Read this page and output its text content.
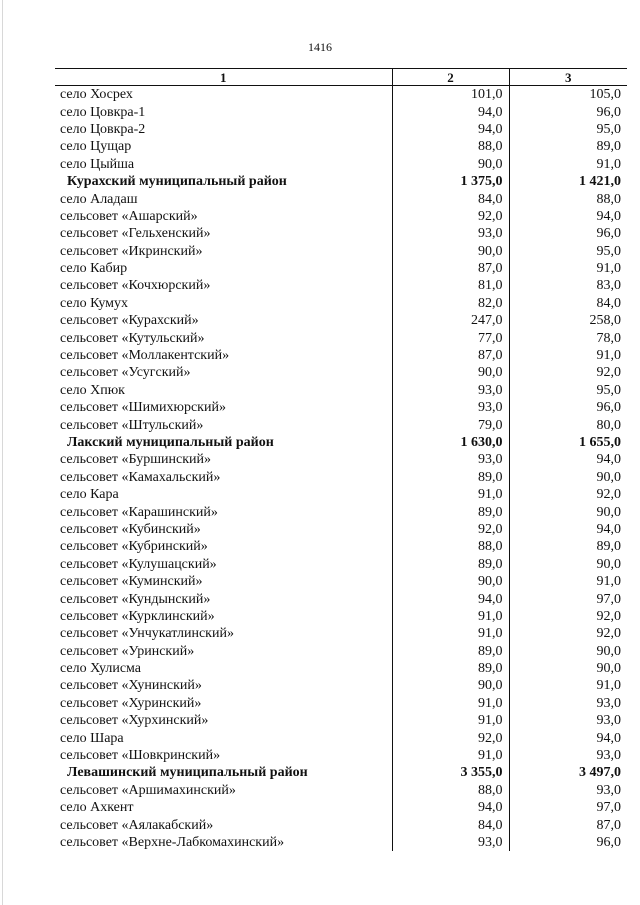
1416
1	2	3
село Хосрех	101,0	105,0
село Цовкра-1	94,0	96,0
село Цовкра-2	94,0	95,0
село Цущар	88,0	89,0
село Цыйша	90,0	91,0
Курахский муниципальный район	1 375,0	1 421,0
село Аладаш	84,0	88,0
сельсовет «Ашарский»	92,0	94,0
сельсовет «Гельхенский»	93,0	96,0
сельсовет «Икринский»	90,0	95,0
село Кабир	87,0	91,0
сельсовет «Кочхюрский»	81,0	83,0
село Кумух	82,0	84,0
сельсовет «Курахский»	247,0	258,0
сельсовет «Кутульский»	77,0	78,0
сельсовет «Моллакентский»	87,0	91,0
сельсовет «Усугский»	90,0	92,0
село Хпюк	93,0	95,0
сельсовет «Шимихюрский»	93,0	96,0
сельсовет «Штульский»	79,0	80,0
Лакский муниципальный район	1 630,0	1 655,0
сельсовет «Буршинский»	93,0	94,0
сельсовет «Камахальский»	89,0	90,0
село Кара	91,0	92,0
сельсовет «Карашинский»	89,0	90,0
сельсовет «Кубинский»	92,0	94,0
сельсовет «Кубринский»	88,0	89,0
сельсовет «Кулушацский»	89,0	90,0
сельсовет «Куминский»	90,0	91,0
сельсовет «Кундынский»	94,0	97,0
сельсовет «Курклинский»	91,0	92,0
сельсовет «Унчукатлинский»	91,0	92,0
сельсовет «Уринский»	89,0	90,0
село Хулисма	89,0	90,0
сельсовет «Хунинский»	90,0	91,0
сельсовет «Хуринский»	91,0	93,0
сельсовет «Хурхинский»	91,0	93,0
село Шара	92,0	94,0
сельсовет «Шовкринский»	91,0	93,0
Левашинский муниципальный район	3 355,0	3 497,0
сельсовет «Аршимахинский»	88,0	93,0
село Ахкент	94,0	97,0
сельсовет «Аялакабский»	84,0	87,0
сельсовет «Верхне-Лабкомахинский»	93,0	96,0
